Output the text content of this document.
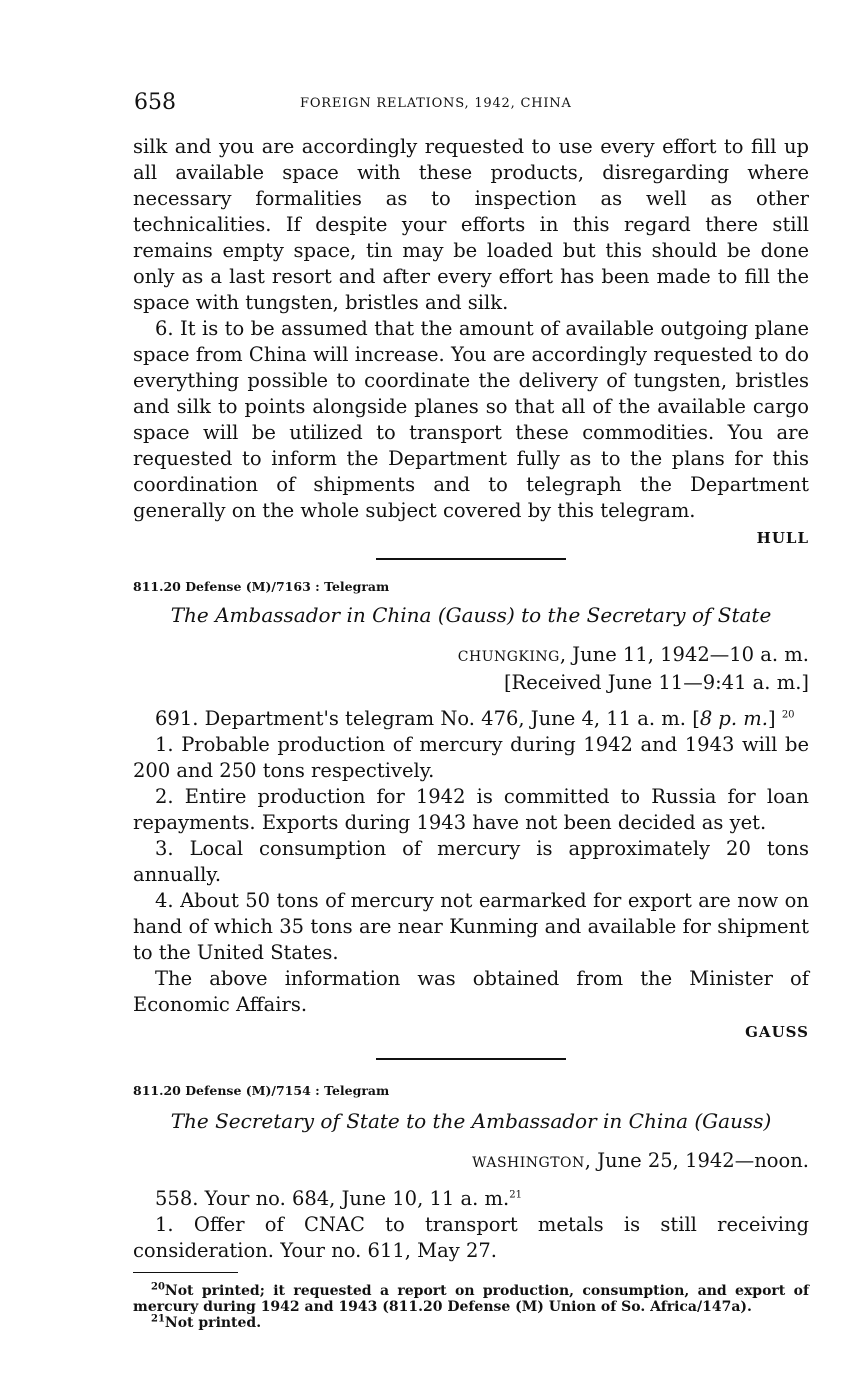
658	FOREIGN RELATIONS, 1942, CHINA

silk and you are accordingly requested to use every effort to fill up all available space with these products, disregarding where necessary formalities as to inspection as well as other technicalities. If despite your efforts in this regard there still remains empty space, tin may be loaded but this should be done only as a last resort and after every effort has been made to fill the space with tungsten, bristles and silk.

6. It is to be assumed that the amount of available outgoing plane space from China will increase. You are accordingly requested to do everything possible to coordinate the delivery of tungsten, bristles and silk to points alongside planes so that all of the available cargo space will be utilized to transport these commodities. You are requested to inform the Department fully as to the plans for this coordination of shipments and to telegraph the Department generally on the whole subject covered by this telegram.

HULL

811.20 Defense (M)/7163 : Telegram

The Ambassador in China (Gauss) to the Secretary of State

CHUNGKING, June 11, 1942—10 a. m.

[Received June 11—9:41 a. m.]

691. Department's telegram No. 476, June 4, 11 a. m. [8 p. m.] $^{20}$

1. Probable production of mercury during 1942 and 1943 will be 200 and 250 tons respectively.

2. Entire production for 1942 is committed to Russia for loan repayments. Exports during 1943 have not been decided as yet.

3. Local consumption of mercury is approximately 20 tons annually.

4. About 50 tons of mercury not earmarked for export are now on hand of which 35 tons are near Kunming and available for shipment to the United States.

The above information was obtained from the Minister of Economic Affairs.

GAUSS

811.20 Defense (M)/7154 : Telegram

The Secretary of State to the Ambassador in China (Gauss)

WASHINGTON, June 25, 1942—noon.

558. Your no. 684, June 10, 11 a. m.$^{21}$

1. Offer of CNAC to transport metals is still receiving consideration. Your no. 611, May 27.

$^{20}$Not printed; it requested a report on production, consumption, and export of mercury during 1942 and 1943 (811.20 Defense (M) Union of So. Africa/147a).

$^{21}$Not printed.
